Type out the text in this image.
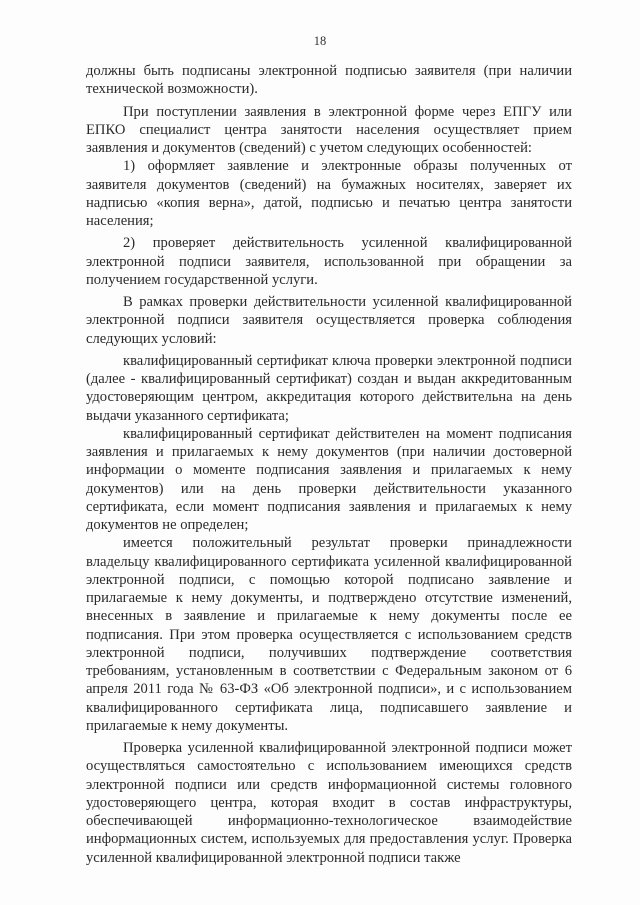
18

должны быть подписаны электронной подписью заявителя (при наличии технической возможности).

При поступлении заявления в электронной форме через ЕПГУ или ЕПКО специалист центра занятости населения осуществляет прием заявления и документов (сведений) с учетом следующих особенностей:

1) оформляет заявление и электронные образы полученных от заявителя документов (сведений) на бумажных носителях, заверяет их надписью «копия верна», датой, подписью и печатью центра занятости населения;

2) проверяет действительность усиленной квалифицированной электронной подписи заявителя, использованной при обращении за получением государственной услуги.

В рамках проверки действительности усиленной квалифицированной электронной подписи заявителя осуществляется проверка соблюдения следующих условий:

квалифицированный сертификат ключа проверки электронной подписи (далее - квалифицированный сертификат) создан и выдан аккредитованным удостоверяющим центром, аккредитация которого действительна на день выдачи указанного сертификата;

квалифицированный сертификат действителен на момент подписания заявления и прилагаемых к нему документов (при наличии достоверной информации о моменте подписания заявления и прилагаемых к нему документов) или на день проверки действительности указанного сертификата, если момент подписания заявления и прилагаемых к нему документов не определен;

имеется положительный результат проверки принадлежности владельцу квалифицированного сертификата усиленной квалифицированной электронной подписи, с помощью которой подписано заявление и прилагаемые к нему документы, и подтверждено отсутствие изменений, внесенных в заявление и прилагаемые к нему документы после ее подписания. При этом проверка осуществляется с использованием средств электронной подписи, получивших подтверждение соответствия требованиям, установленным в соответствии с Федеральным законом от 6 апреля 2011 года № 63-ФЗ «Об электронной подписи», и с использованием квалифицированного сертификата лица, подписавшего заявление и прилагаемые к нему документы.

Проверка усиленной квалифицированной электронной подписи может осуществляться самостоятельно с использованием имеющихся средств электронной подписи или средств информационной системы головного удостоверяющего центра, которая входит в состав инфраструктуры, обеспечивающей информационно-технологическое взаимодействие информационных систем, используемых для предоставления услуг. Проверка усиленной квалифицированной электронной подписи также
